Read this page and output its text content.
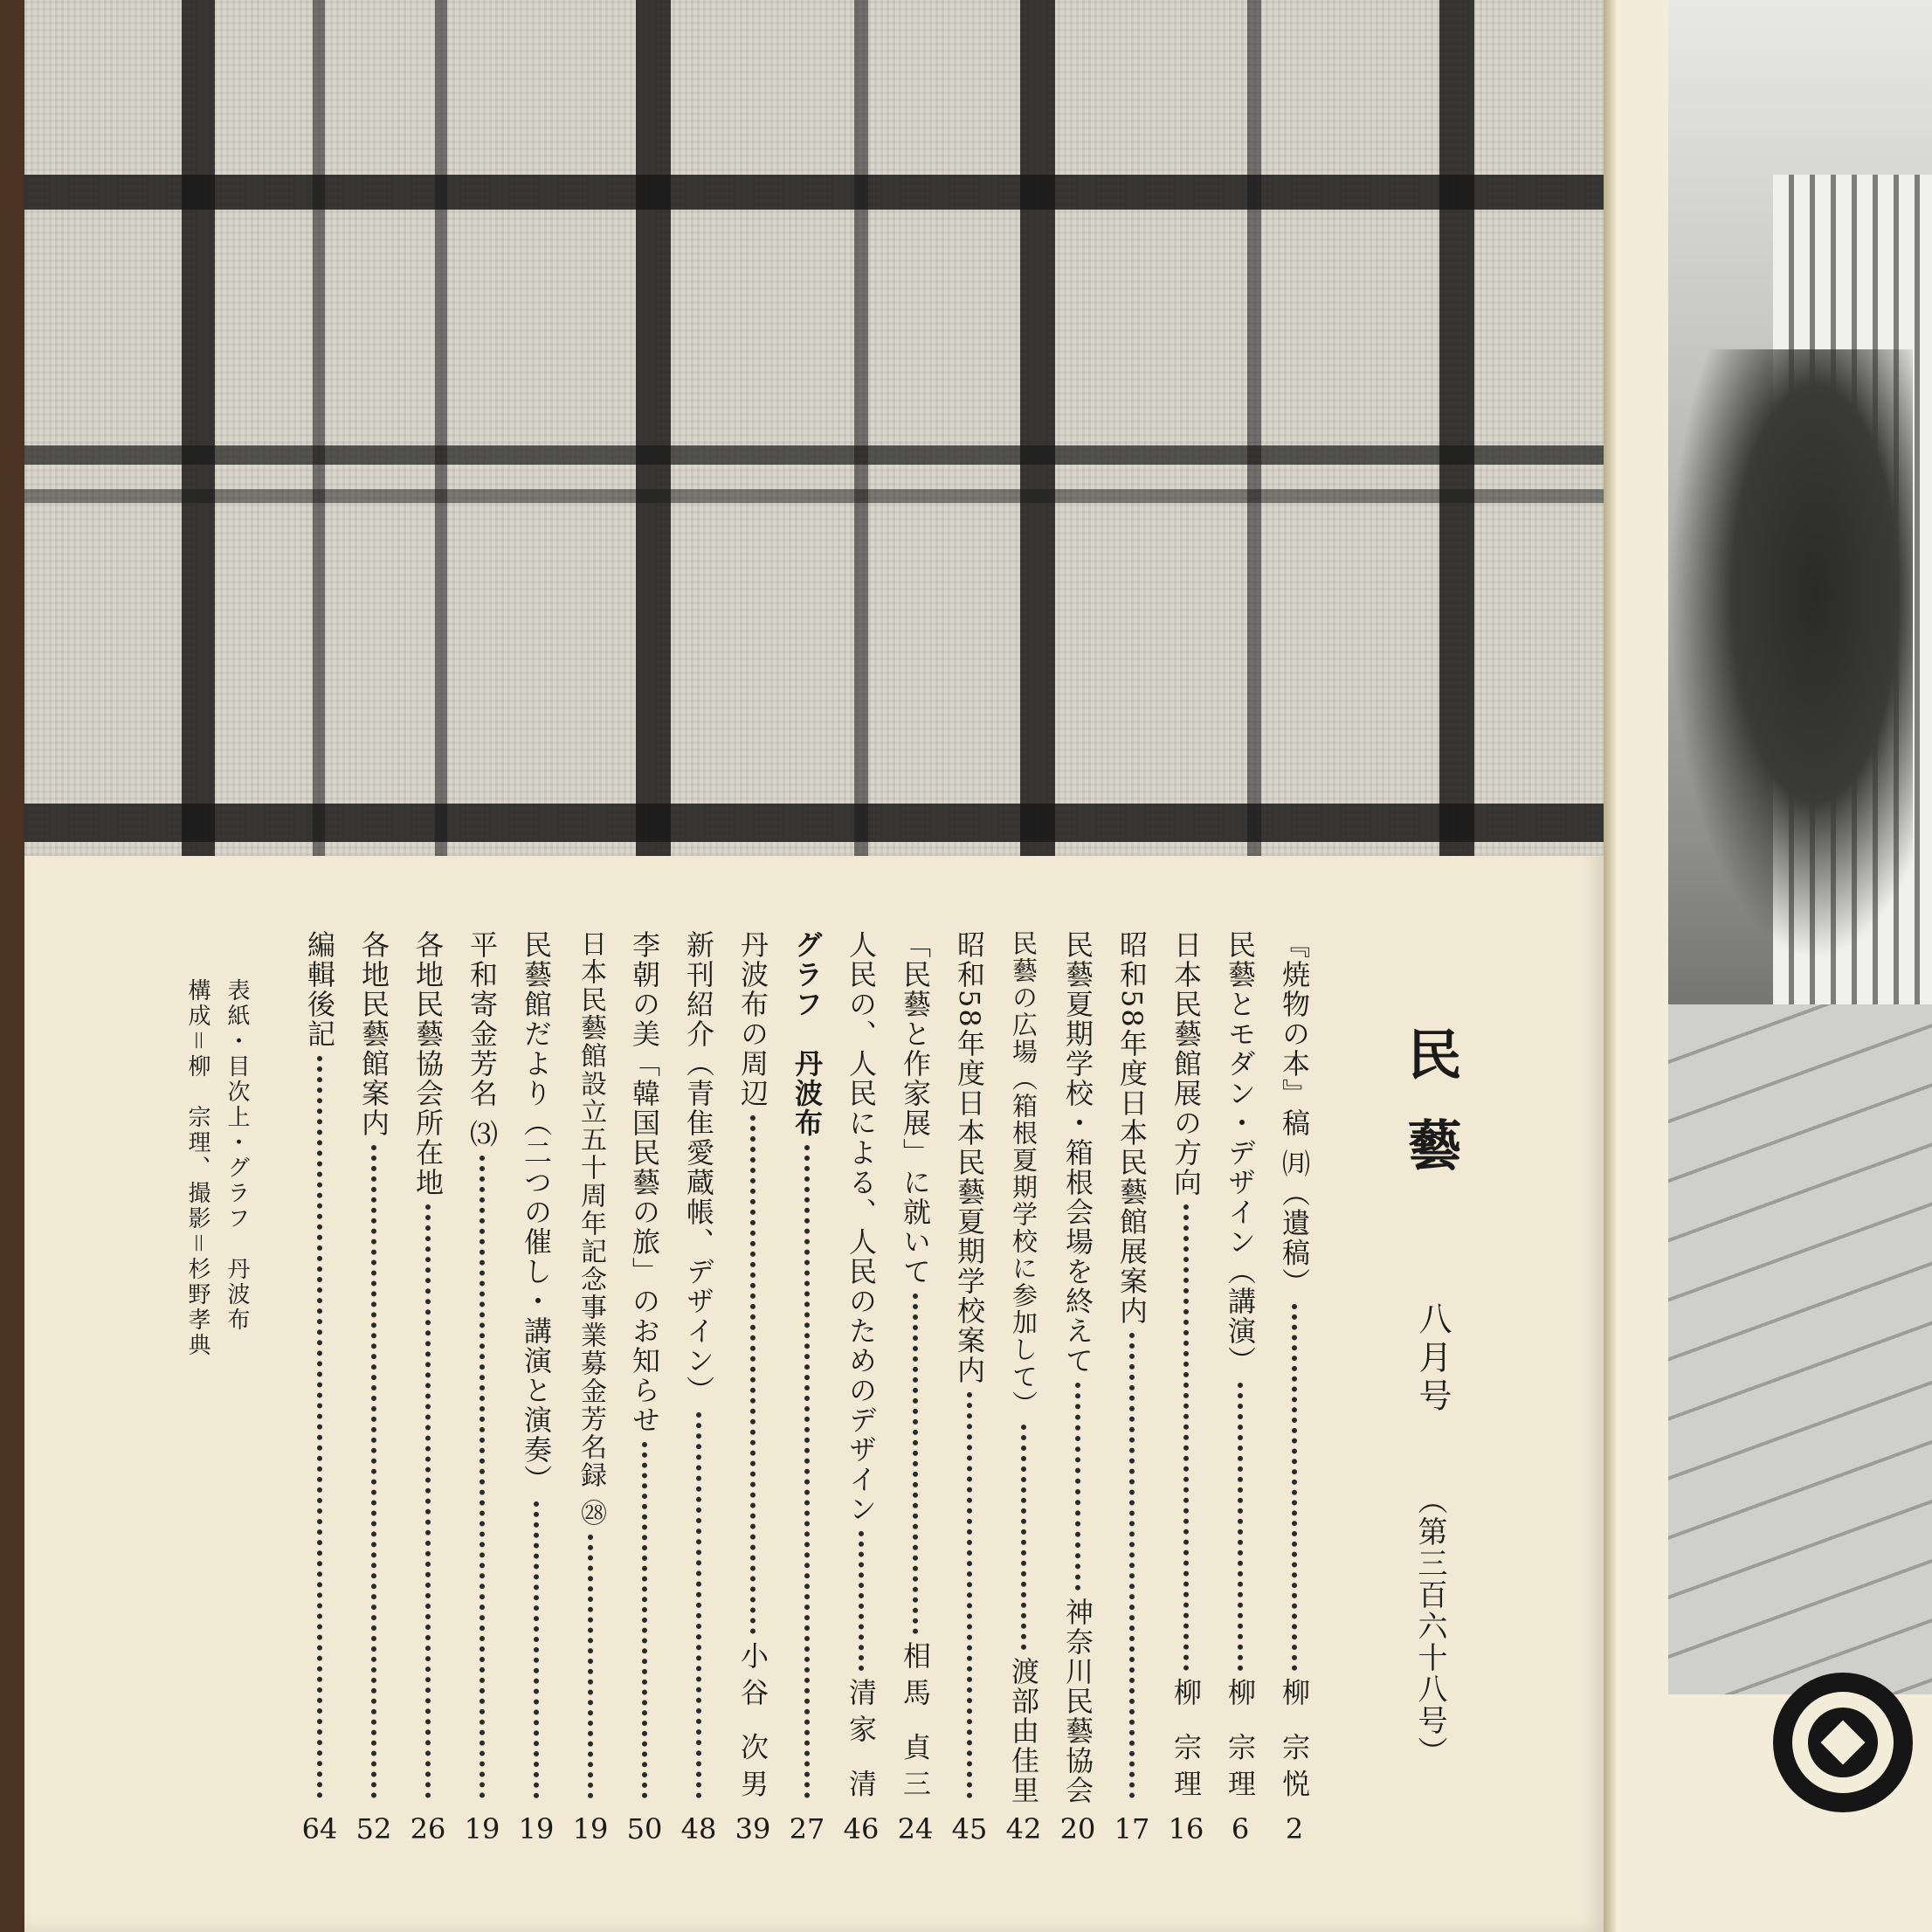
民藝
八月号
（第三百六十八号）
『焼物の本』稿 ㈪（遺稿）
柳 宗悦
2
民藝とモダン・デザイン（講演）
柳 宗理
6
日本民藝館展の方向
柳 宗理
16
昭和58年度日本民藝館展案内
17
民藝夏期学校・箱根会場を終えて
神奈川民藝協会
20
民藝の広場（箱根夏期学校に参加して）
渡部由佳里
42
昭和58年度日本民藝夏期学校案内
45
「民藝と作家展」に就いて
相馬 貞三
24
人民の、人民による、人民のためのデザイン
清家 清
46
グラフ　丹波布
27
丹波布の周辺
小谷 次男
39
新刊紹介（青隹愛蔵帳、デザイン）
48
李朝の美「韓国民藝の旅」のお知らせ
50
日本民藝館設立五十周年記念事業募金芳名録 ㉘
19
民藝館だより（二つの催し・講演と演奏）
19
平和寄金芳名 ⑶
19
各地民藝協会所在地
26
各地民藝館案内
52
編輯後記
64
表紙・目次上・グラフ　丹波布
構成＝柳　宗理、撮影＝杉野孝典
